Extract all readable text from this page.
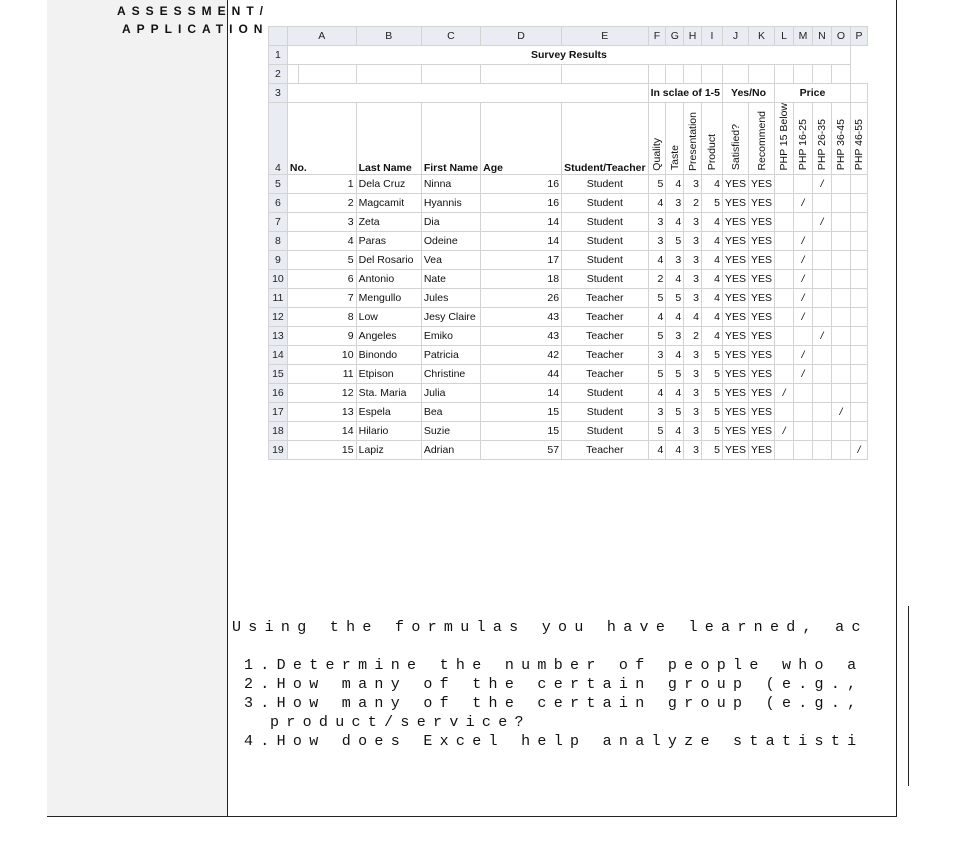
ASSESSMENT/
APPLICATION
		A		B	C	D	E	F	G	H	I	J	K	L	M	N	O	P
1	Survey Results																
2																	
3							In sclae of 1-5				Yes/No		Price				
4	No.		Last Name	First Name	Age	Student/Teacher	Quality	Taste	Presentation	Product	Satisfied?	Recommend	PHP 15 Below	PHP 16-25	PHP 26-35	PHP 36-45	PHP 46-55
5	1		Dela Cruz	Ninna	16	Student	5	4	3	4	YES	YES			/		
6	2		Magcamit	Hyannis	16	Student	4	3	2	5	YES	YES		/			
7	3		Zeta	Dia	14	Student	3	4	3	4	YES	YES			/		
8	4		Paras	Odeine	14	Student	3	5	3	4	YES	YES		/			
9	5		Del Rosario	Vea	17	Student	4	3	3	4	YES	YES		/			
10	6		Antonio	Nate	18	Student	2	4	3	4	YES	YES		/			
11	7		Mengullo	Jules	26	Teacher	5	5	3	4	YES	YES		/			
12	8		Low	Jesy Claire	43	Teacher	4	4	4	4	YES	YES		/			
13	9		Angeles	Emiko	43	Teacher	5	3	2	4	YES	YES			/		
14	10		Binondo	Patricia	42	Teacher	3	4	3	5	YES	YES		/			
15	11		Etpison	Christine	44	Teacher	5	5	3	5	YES	YES		/			
16	12		Sta. Maria	Julia	14	Student	4	4	3	5	YES	YES	/				
17	13		Espela	Bea	15	Student	3	5	3	5	YES	YES				/	
18	14		Hilario	Suzie	15	Student	5	4	3	5	YES	YES	/				
19	15		Lapiz	Adrian	57	Teacher	4	4	3	5	YES	YES					/
Using the formulas you have learned, ac
1.Determine the number of people who a
2.How many of the certain group (e.g.,
3.How many of the certain group (e.g.,
product/service?
4.How does Excel help analyze statisti
